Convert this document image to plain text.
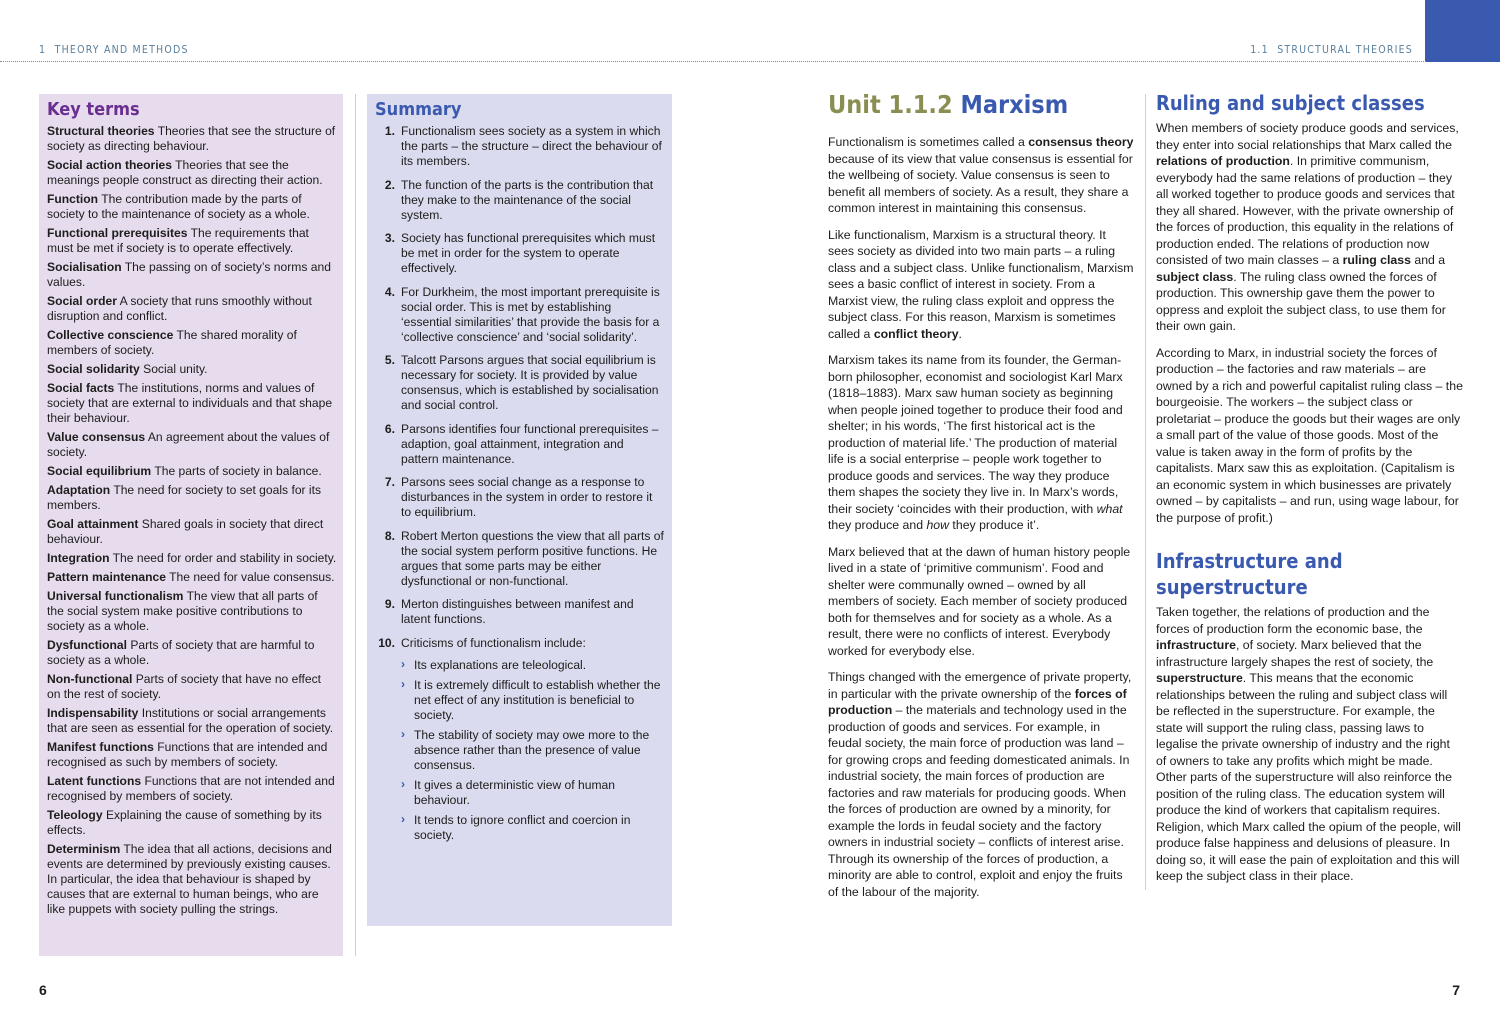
1 THEORY AND METHODS	1.1 STRUCTURAL THEORIES
Key terms
Structural theories Theories that see the structure of society as directing behaviour.
Social action theories Theories that see the meanings people construct as directing their action.
Function The contribution made by the parts of society to the maintenance of society as a whole.
Functional prerequisites The requirements that must be met if society is to operate effectively.
Socialisation The passing on of society’s norms and values.
Social order A society that runs smoothly without disruption and conflict.
Collective conscience The shared morality of members of society.
Social solidarity Social unity.
Social facts The institutions, norms and values of society that are external to individuals and that shape their behaviour.
Value consensus An agreement about the values of society.
Social equilibrium The parts of society in balance.
Adaptation The need for society to set goals for its members.
Goal attainment Shared goals in society that direct behaviour.
Integration The need for order and stability in society.
Pattern maintenance The need for value consensus.
Universal functionalism The view that all parts of the social system make positive contributions to society as a whole.
Dysfunctional Parts of society that are harmful to society as a whole.
Non-functional Parts of society that have no effect on the rest of society.
Indispensability Institutions or social arrangements that are seen as essential for the operation of society.
Manifest functions Functions that are intended and recognised as such by members of society.
Latent functions Functions that are not intended and recognised by members of society.
Teleology Explaining the cause of something by its effects.
Determinism The idea that all actions, decisions and events are determined by previously existing causes. In particular, the idea that behaviour is shaped by causes that are external to human beings, who are like puppets with society pulling the strings.
Summary
1. Functionalism sees society as a system in which the parts – the structure – direct the behaviour of its members.
2. The function of the parts is the contribution that they make to the maintenance of the social system.
3. Society has functional prerequisites which must be met in order for the system to operate effectively.
4. For Durkheim, the most important prerequisite is social order. This is met by establishing ‘essential similarities’ that provide the basis for a ‘collective conscience’ and ‘social solidarity’.
5. Talcott Parsons argues that social equilibrium is necessary for society. It is provided by value consensus, which is established by socialisation and social control.
6. Parsons identifies four functional prerequisites – adaption, goal attainment, integration and pattern maintenance.
7. Parsons sees social change as a response to disturbances in the system in order to restore it to equilibrium.
8. Robert Merton questions the view that all parts of the social system perform positive functions. He argues that some parts may be either dysfunctional or non-functional.
9. Merton distinguishes between manifest and latent functions.
10. Criticisms of functionalism include:
› Its explanations are teleological.
› It is extremely difficult to establish whether the net effect of any institution is beneficial to society.
› The stability of society may owe more to the absence rather than the presence of value consensus.
› It gives a deterministic view of human behaviour.
› It tends to ignore conflict and coercion in society.
Unit 1.1.2 Marxism

Functionalism is sometimes called a consensus theory because of its view that value consensus is essential for the wellbeing of society. Value consensus is seen to benefit all members of society. As a result, they share a common interest in maintaining this consensus.

Like functionalism, Marxism is a structural theory. It sees society as divided into two main parts – a ruling class and a subject class. Unlike functionalism, Marxism sees a basic conflict of interest in society. From a Marxist view, the ruling class exploit and oppress the subject class. For this reason, Marxism is sometimes called a conflict theory.

Marxism takes its name from its founder, the German-born philosopher, economist and sociologist Karl Marx (1818–1883). Marx saw human society as beginning when people joined together to produce their food and shelter; in his words, ‘The first historical act is the production of material life.’ The production of material life is a social enterprise – people work together to produce goods and services. The way they produce them shapes the society they live in. In Marx’s words, their society ‘coincides with their production, with what they produce and how they produce it’.

Marx believed that at the dawn of human history people lived in a state of ‘primitive communism’. Food and shelter were communally owned – owned by all members of society. Each member of society produced both for themselves and for society as a whole. As a result, there were no conflicts of interest. Everybody worked for everybody else.

Things changed with the emergence of private property, in particular with the private ownership of the forces of production – the materials and technology used in the production of goods and services. For example, in feudal society, the main force of production was land – for growing crops and feeding domesticated animals. In industrial society, the main forces of production are factories and raw materials for producing goods. When the forces of production are owned by a minority, for example the lords in feudal society and the factory owners in industrial society – conflicts of interest arise. Through its ownership of the forces of production, a minority are able to control, exploit and enjoy the fruits of the labour of the majority.

Ruling and subject classes

When members of society produce goods and services, they enter into social relationships that Marx called the relations of production. In primitive communism, everybody had the same relations of production – they all worked together to produce goods and services that they all shared. However, with the private ownership of the forces of production, this equality in the relations of production ended. The relations of production now consisted of two main classes – a ruling class and a subject class. The ruling class owned the forces of production. This ownership gave them the power to oppress and exploit the subject class, to use them for their own gain.

According to Marx, in industrial society the forces of production – the factories and raw materials – are owned by a rich and powerful capitalist ruling class – the bourgeoisie. The workers – the subject class or proletariat – produce the goods but their wages are only a small part of the value of those goods. Most of the value is taken away in the form of profits by the capitalists. Marx saw this as exploitation. (Capitalism is an economic system in which businesses are privately owned – by capitalists – and run, using wage labour, for the purpose of profit.)

Infrastructure and superstructure

Taken together, the relations of production and the forces of production form the economic base, the infrastructure, of society. Marx believed that the infrastructure largely shapes the rest of society, the superstructure. This means that the economic relationships between the ruling and subject class will be reflected in the superstructure. For example, the state will support the ruling class, passing laws to legalise the private ownership of industry and the right of owners to take any profits which might be made. Other parts of the superstructure will also reinforce the position of the ruling class. The education system will produce the kind of workers that capitalism requires. Religion, which Marx called the opium of the people, will produce false happiness and delusions of pleasure. In doing so, it will ease the pain of exploitation and this will keep the subject class in their place.

6	7
